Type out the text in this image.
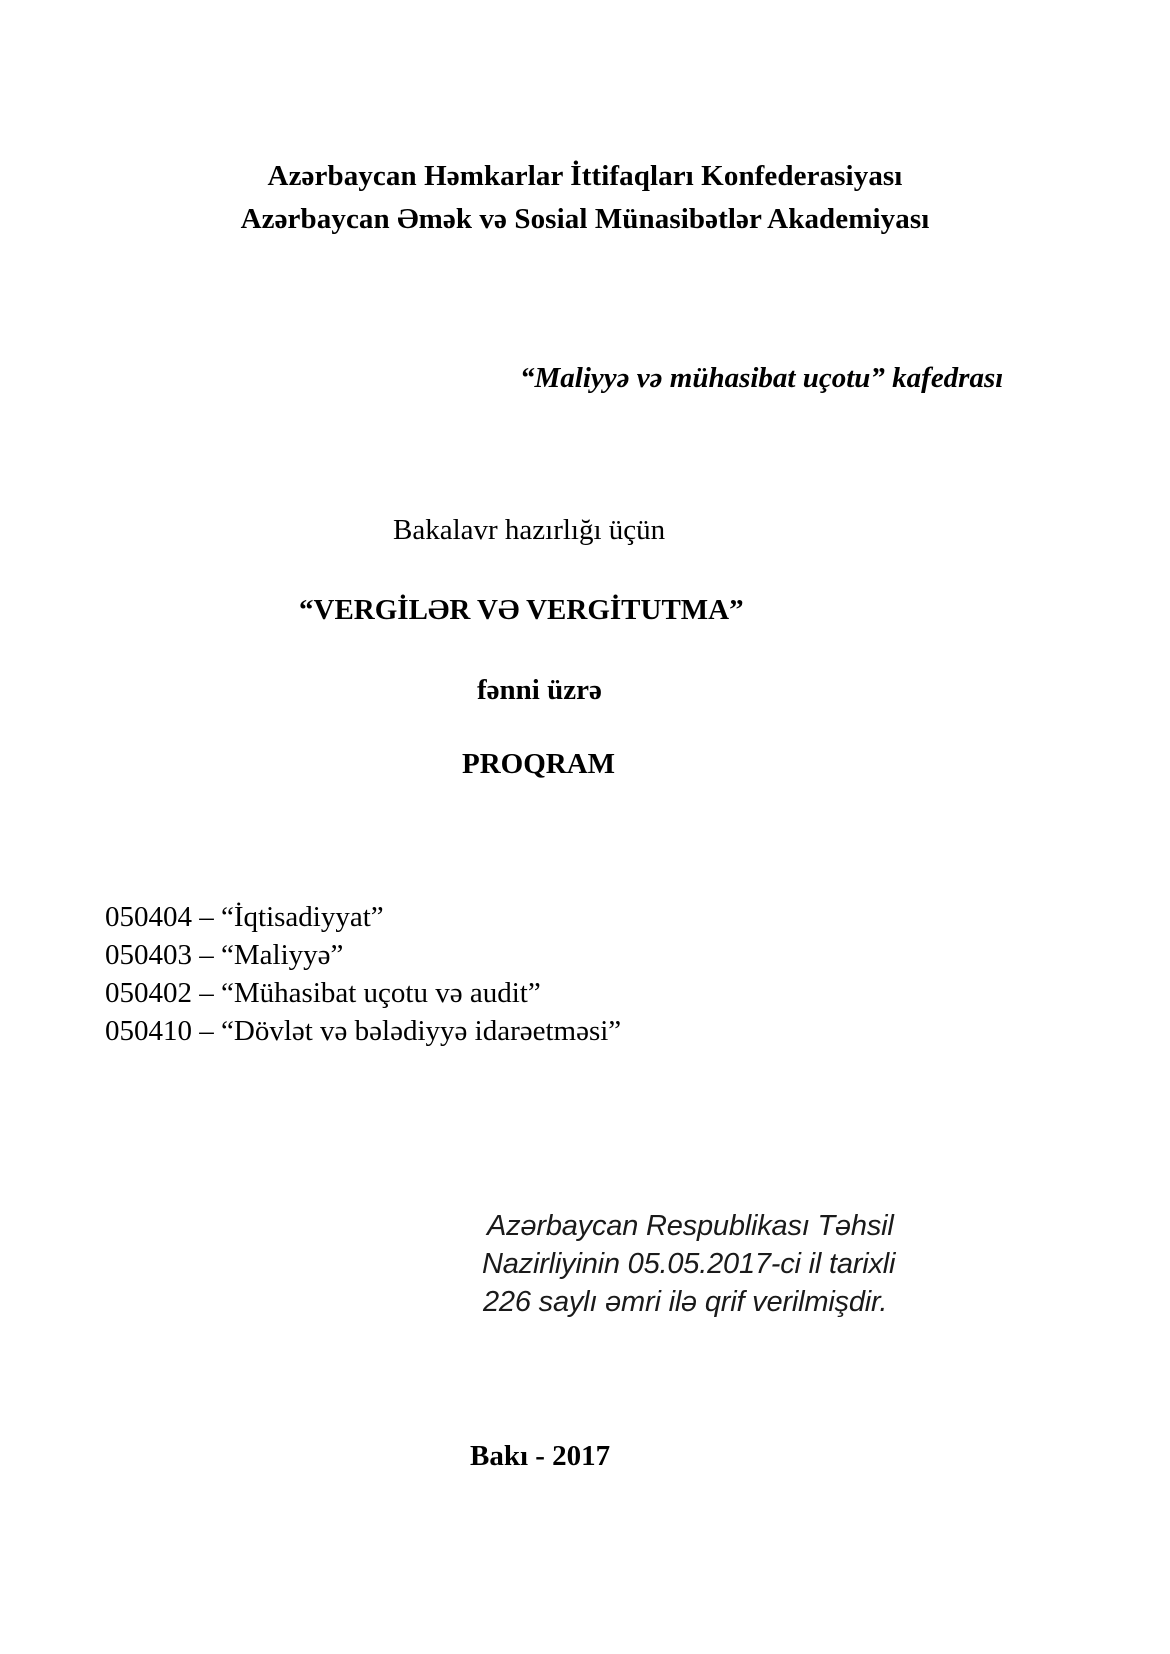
Azərbaycan Həmkarlar İttifaqları Konfederasiyası

Azərbaycan Əmək və Sosial Münasibətlər Akademiyası

“Maliyyə və mühasibat uçotu” kafedrası

Bakalavr hazırlığı üçün

“VERGİLƏR VƏ VERGİTUTMA”

fənni üzrə

PROQRAM

050404 – “İqtisadiyyat”

050403 – “Maliyyə”

050402 – “Mühasibat uçotu və audit”

050410 – “Dövlət və bələdiyyə idarəetməsi”

Azərbaycan Respublikası Təhsil

Nazirliyinin 05.05.2017-ci il tarixli

226 saylı əmri ilə qrif verilmişdir.

Bakı - 2017
